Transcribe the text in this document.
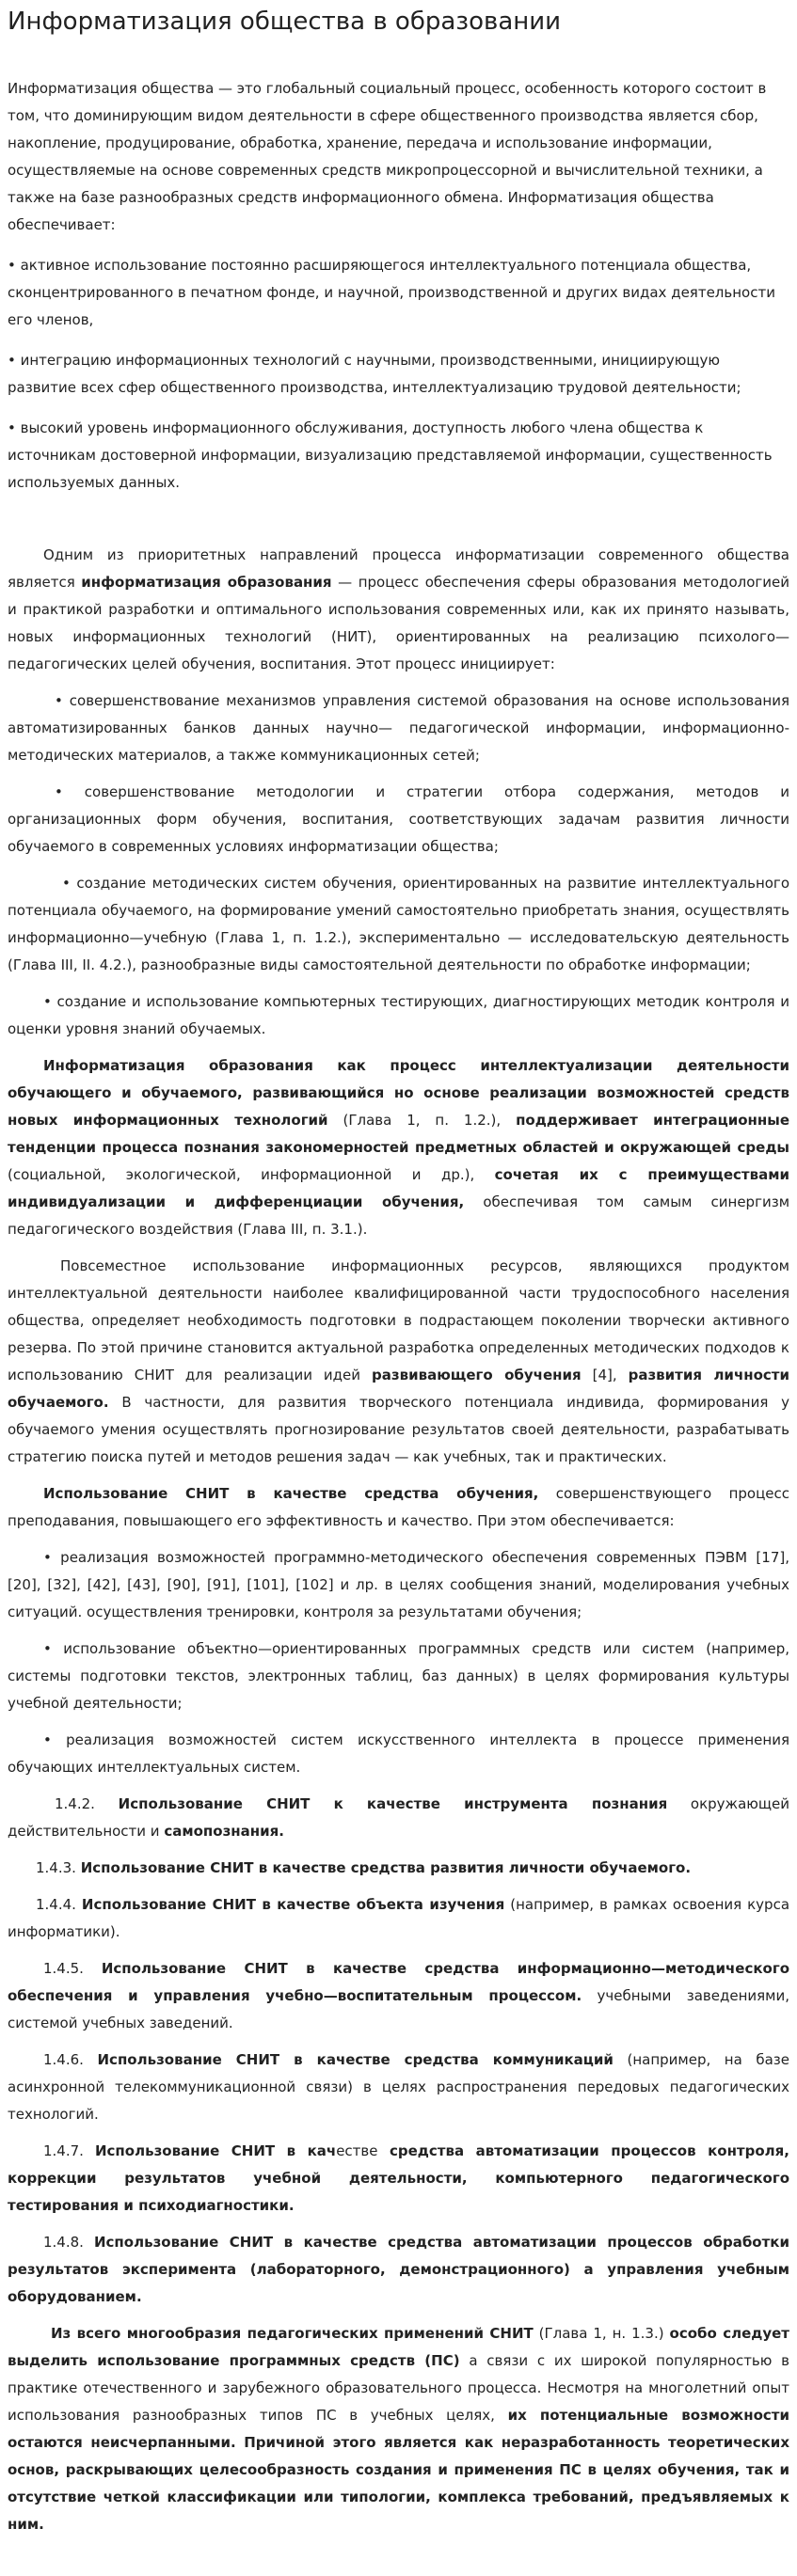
Информатизация общества в образовании

Информатизация общества — это глобальный социальный процесс, особенность которого состоит в том, что доминирующим видом деятельности в сфере общественного производства является сбор, накопление, продуцирование, обработка, хранение, передача и использование информации, осуществляемые на основе современных средств микропроцессорной и вычислительной техники, а также на базе разнообразных средств информационного обмена. Информатизация общества обеспечивает:

• активное использование постоянно расширяющегося интеллектуального потенциала общества, сконцентрированного в печатном фонде, и научной, производственной и других видах деятельности его членов,

• интеграцию информационных технологий с научными, производственными, инициирующую развитие всех сфер общественного производства, интеллектуализацию трудовой деятельности;

• высокий уровень информационного обслуживания, доступность любого члена общества к источникам достоверной информации, визуализацию представляемой информации, существенность используемых данных.

Одним из приоритетных направлений процесса информатизации современного общества является информатизация образования — процесс обеспечения сферы образования методологией и практикой разработки и оптимального использования современных или, как их принято называть, новых информационных технологий (НИТ), ориентированных на реализацию психолого—педагогических целей обучения, воспитания. Этот процесс инициирует:

• совершенствование механизмов управления системой образования на основе использования автоматизированных банков данных научно— педагогической информации, информационно-методических материалов, а также коммуникационных сетей;

• совершенствование методологии и стратегии отбора содержания, методов и организационных форм обучения, воспитания, соответствующих задачам развития личности обучаемого в современных условиях информатизации общества;

• создание методических систем обучения, ориентированных на развитие интеллектуального потенциала обучаемого, на формирование умений самостоятельно приобретать знания, осуществлять информационно—учебную (Глава 1, п. 1.2.), экспериментально — исследовательскую деятельность (Глава III, II. 4.2.), разнообразные виды самостоятельной деятельности по обработке информации;

• создание и использование компьютерных тестирующих, диагностирующих методик контроля и оценки уровня знаний обучаемых.

Информатизация образования как процесс интеллектуализации деятельности обучающего и обучаемого, развивающийся но основе реализации возможностей средств новых информационных технологий (Глава 1, п. 1.2.), поддерживает интеграционные тенденции процесса познания закономерностей предметных областей и окружающей среды (социальной, экологической, информационной и др.), сочетая их с преимуществами индивидуализации и дифференциации обучения, обеспечивая том самым синергизм педагогического воздействия (Глава III, п. 3.1.).

Повсеместное использование информационных ресурсов, являющихся продуктом интеллектуальной деятельности наиболее квалифицированной части трудоспособного населения общества, определяет необходимость подготовки в подрастающем поколении творчески активного резерва. По этой причине становится актуальной разработка определенных методических подходов к использованию СНИТ для реализации идей развивающего обучения [4], развития личности обучаемого. В частности, для развития творческого потенциала индивида, формирования у обучаемого умения осуществлять прогнозирование результатов своей деятельности, разрабатывать стратегию поиска путей и методов решения задач — как учебных, так и практических.

Использование СНИТ в качестве средства обучения, совершенствующего процесс преподавания, повышающего его эффективность и качество. При этом обеспечивается:

• реализация возможностей программно-методического обеспечения современных ПЭВМ [17], [20], [32], [42], [43], [90], [91], [101], [102] и лр. в целях сообщения знаний, моделирования учебных ситуаций. осуществления тренировки, контроля за результатами обучения;

• использование объектно—ориентированных программных средств или систем (например, системы подготовки текстов, электронных таблиц, баз данных) в целях формирования культуры учебной деятельности;

• реализация возможностей систем искусственного интеллекта в процессе применения обучающих интеллектуальных систем.

1.4.2. Использование СНИТ к качестве инструмента познания окружающей действительности и самопознания.

1.4.3. Использование СНИТ в качестве средства развития личности обучаемого.

1.4.4. Использование СНИТ в качестве объекта изучения (например, в рамках освоения курса информатики).

1.4.5. Использование СНИТ в качестве средства информационно—методического обеспечения и управления учебно—воспитательным процессом. учебными заведениями, системой учебных заведений.

1.4.6. Использование СНИТ в качестве средства коммуникаций (например, на базе асинхронной телекоммуникационной связи) в целях распространения передовых педагогических технологий.

1.4.7. Использование СНИТ в качестве средства автоматизации процессов контроля, коррекции результатов учебной деятельности, компьютерного педагогического тестирования и психодиагностики.

1.4.8. Использование СНИТ в качестве средства автоматизации процессов обработки результатов эксперимента (лабораторного, демонстрационного) а управления учебным оборудованием.

Из всего многообразия педагогических применений СНИТ (Глава 1, н. 1.3.) особо следует выделить использование программных средств (ПС) а связи с их широкой популярностью в практике отечественного и зарубежного образовательного процесса. Несмотря на многолетний опыт использования разнообразных типов ПС в учебных целях, их потенциальные возможности остаются неисчерпанными. Причиной этого является как неразработанность теоретических основ, раскрывающих целесообразность создания и применения ПС в целях обучения, так и отсутствие четкой классификации или типологии, комплекса требований, предъявляемых к ним.
